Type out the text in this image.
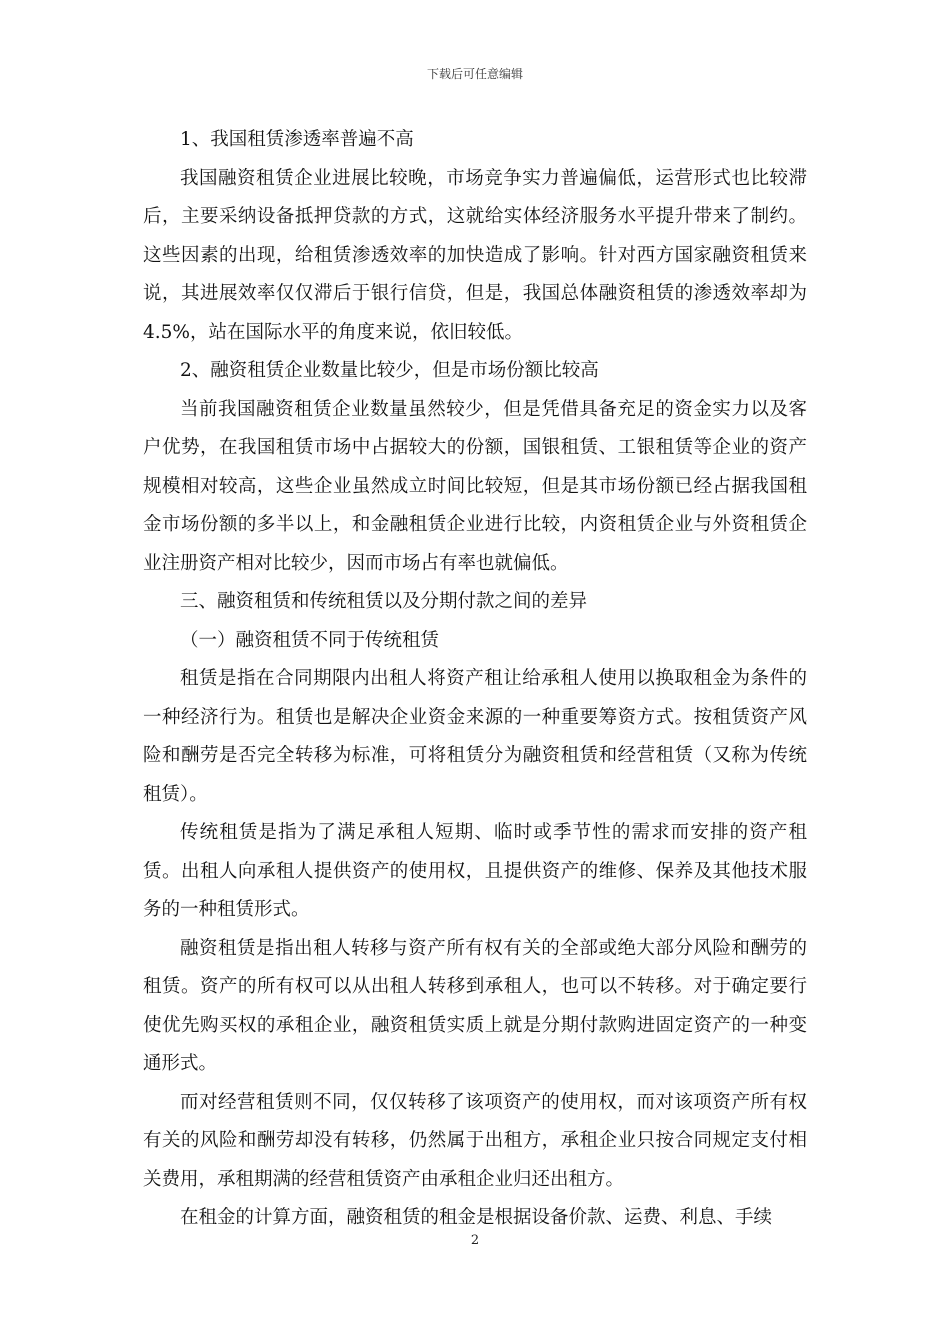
下载后可任意编辑

1、我国租赁渗透率普遍不高

我国融资租赁企业进展比较晚，市场竞争实力普遍偏低，运营形式也比较滞后，主要采纳设备抵押贷款的方式，这就给实体经济服务水平提升带来了制约。这些因素的出现，给租赁渗透效率的加快造成了影响。针对西方国家融资租赁来说，其进展效率仅仅滞后于银行信贷，但是，我国总体融资租赁的渗透效率却为4.5%，站在国际水平的角度来说，依旧较低。

2、融资租赁企业数量比较少，但是市场份额比较高

当前我国融资租赁企业数量虽然较少，但是凭借具备充足的资金实力以及客户优势，在我国租赁市场中占据较大的份额，国银租赁、工银租赁等企业的资产规模相对较高，这些企业虽然成立时间比较短，但是其市场份额已经占据我国租金市场份额的多半以上，和金融租赁企业进行比较，内资租赁企业与外资租赁企业注册资产相对比较少，因而市场占有率也就偏低。

三、融资租赁和传统租赁以及分期付款之间的差异

（一）融资租赁不同于传统租赁

租赁是指在合同期限内出租人将资产租让给承租人使用以换取租金为条件的一种经济行为。租赁也是解决企业资金来源的一种重要筹资方式。按租赁资产风险和酬劳是否完全转移为标准，可将租赁分为融资租赁和经营租赁（又称为传统租赁）。

传统租赁是指为了满足承租人短期、临时或季节性的需求而安排的资产租赁。出租人向承租人提供资产的使用权，且提供资产的维修、保养及其他技术服务的一种租赁形式。

融资租赁是指出租人转移与资产所有权有关的全部或绝大部分风险和酬劳的租赁。资产的所有权可以从出租人转移到承租人，也可以不转移。对于确定要行使优先购买权的承租企业，融资租赁实质上就是分期付款购进固定资产的一种变通形式。

而对经营租赁则不同，仅仅转移了该项资产的使用权，而对该项资产所有权有关的风险和酬劳却没有转移，仍然属于出租方，承租企业只按合同规定支付相关费用，承租期满的经营租赁资产由承租企业归还出租方。

在租金的计算方面，融资租赁的租金是根据设备价款、运费、利息、手续

2
